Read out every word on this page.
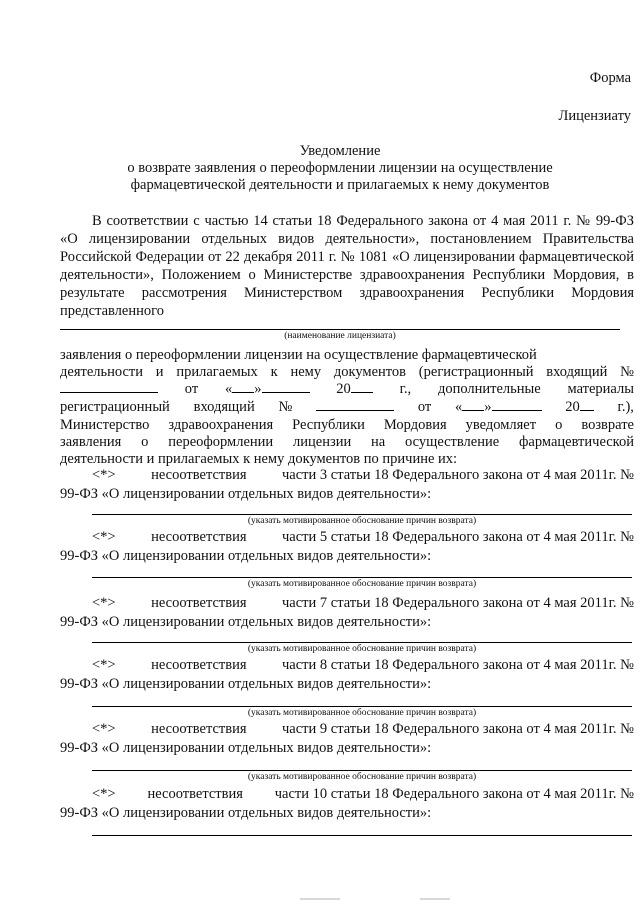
Форма
Лицензиату
Уведомление
о возврате заявления о переоформлении лицензии на осуществление
фармацевтической деятельности и прилагаемых к нему документов
В соответствии с частью 14 статьи 18 Федерального закона от 4 мая 2011 г. № 99-ФЗ «О лицензировании отдельных видов деятельности», постановлением Правительства Российской Федерации от 22 декабря 2011 г. № 1081 «О лицензировании фармацевтической деятельности», Положением о Министерстве здравоохранения Республики Мордовия, в результате рассмотрения Министерством здравоохранения Республики Мордовия представленного
(наименование лицензиата)
заявления о переоформлении лицензии на осуществление фармацевтической
деятельности и прилагаемых к нему документов (регистрационный входящий №
от « »	20	г., дополнительные материалы
регистрационный входящий №	от « »	20	г.),
Министерство здравоохранения Республики Мордовия уведомляет о возврате
заявления о переоформлении лицензии на осуществление фармацевтической
деятельности и прилагаемых к нему документов по причине их:
<*> несоответствия части 3 статьи 18 Федерального закона от 4 мая 2011г. №
99-ФЗ «О лицензировании отдельных видов деятельности»:
(указать мотивированное обоснование причин возврата)
<*> несоответствия части 5 статьи 18 Федерального закона от 4 мая 2011г. №
99-ФЗ «О лицензировании отдельных видов деятельности»:
(указать мотивированное обоснование причин возврата)
<*> несоответствия части 7 статьи 18 Федерального закона от 4 мая 2011г. №
99-ФЗ «О лицензировании отдельных видов деятельности»:
(указать мотивированное обоснование причин возврата)
<*> несоответствия части 8 статьи 18 Федерального закона от 4 мая 2011г. №
99-ФЗ «О лицензировании отдельных видов деятельности»:
(указать мотивированное обоснование причин возврата)
<*> несоответствия части 9 статьи 18 Федерального закона от 4 мая 2011г. №
99-ФЗ «О лицензировании отдельных видов деятельности»:
(указать мотивированное обоснование причин возврата)
<*> несоответствия части 10 статьи 18 Федерального закона от 4 мая 2011г. №
99-ФЗ «О лицензировании отдельных видов деятельности»:
